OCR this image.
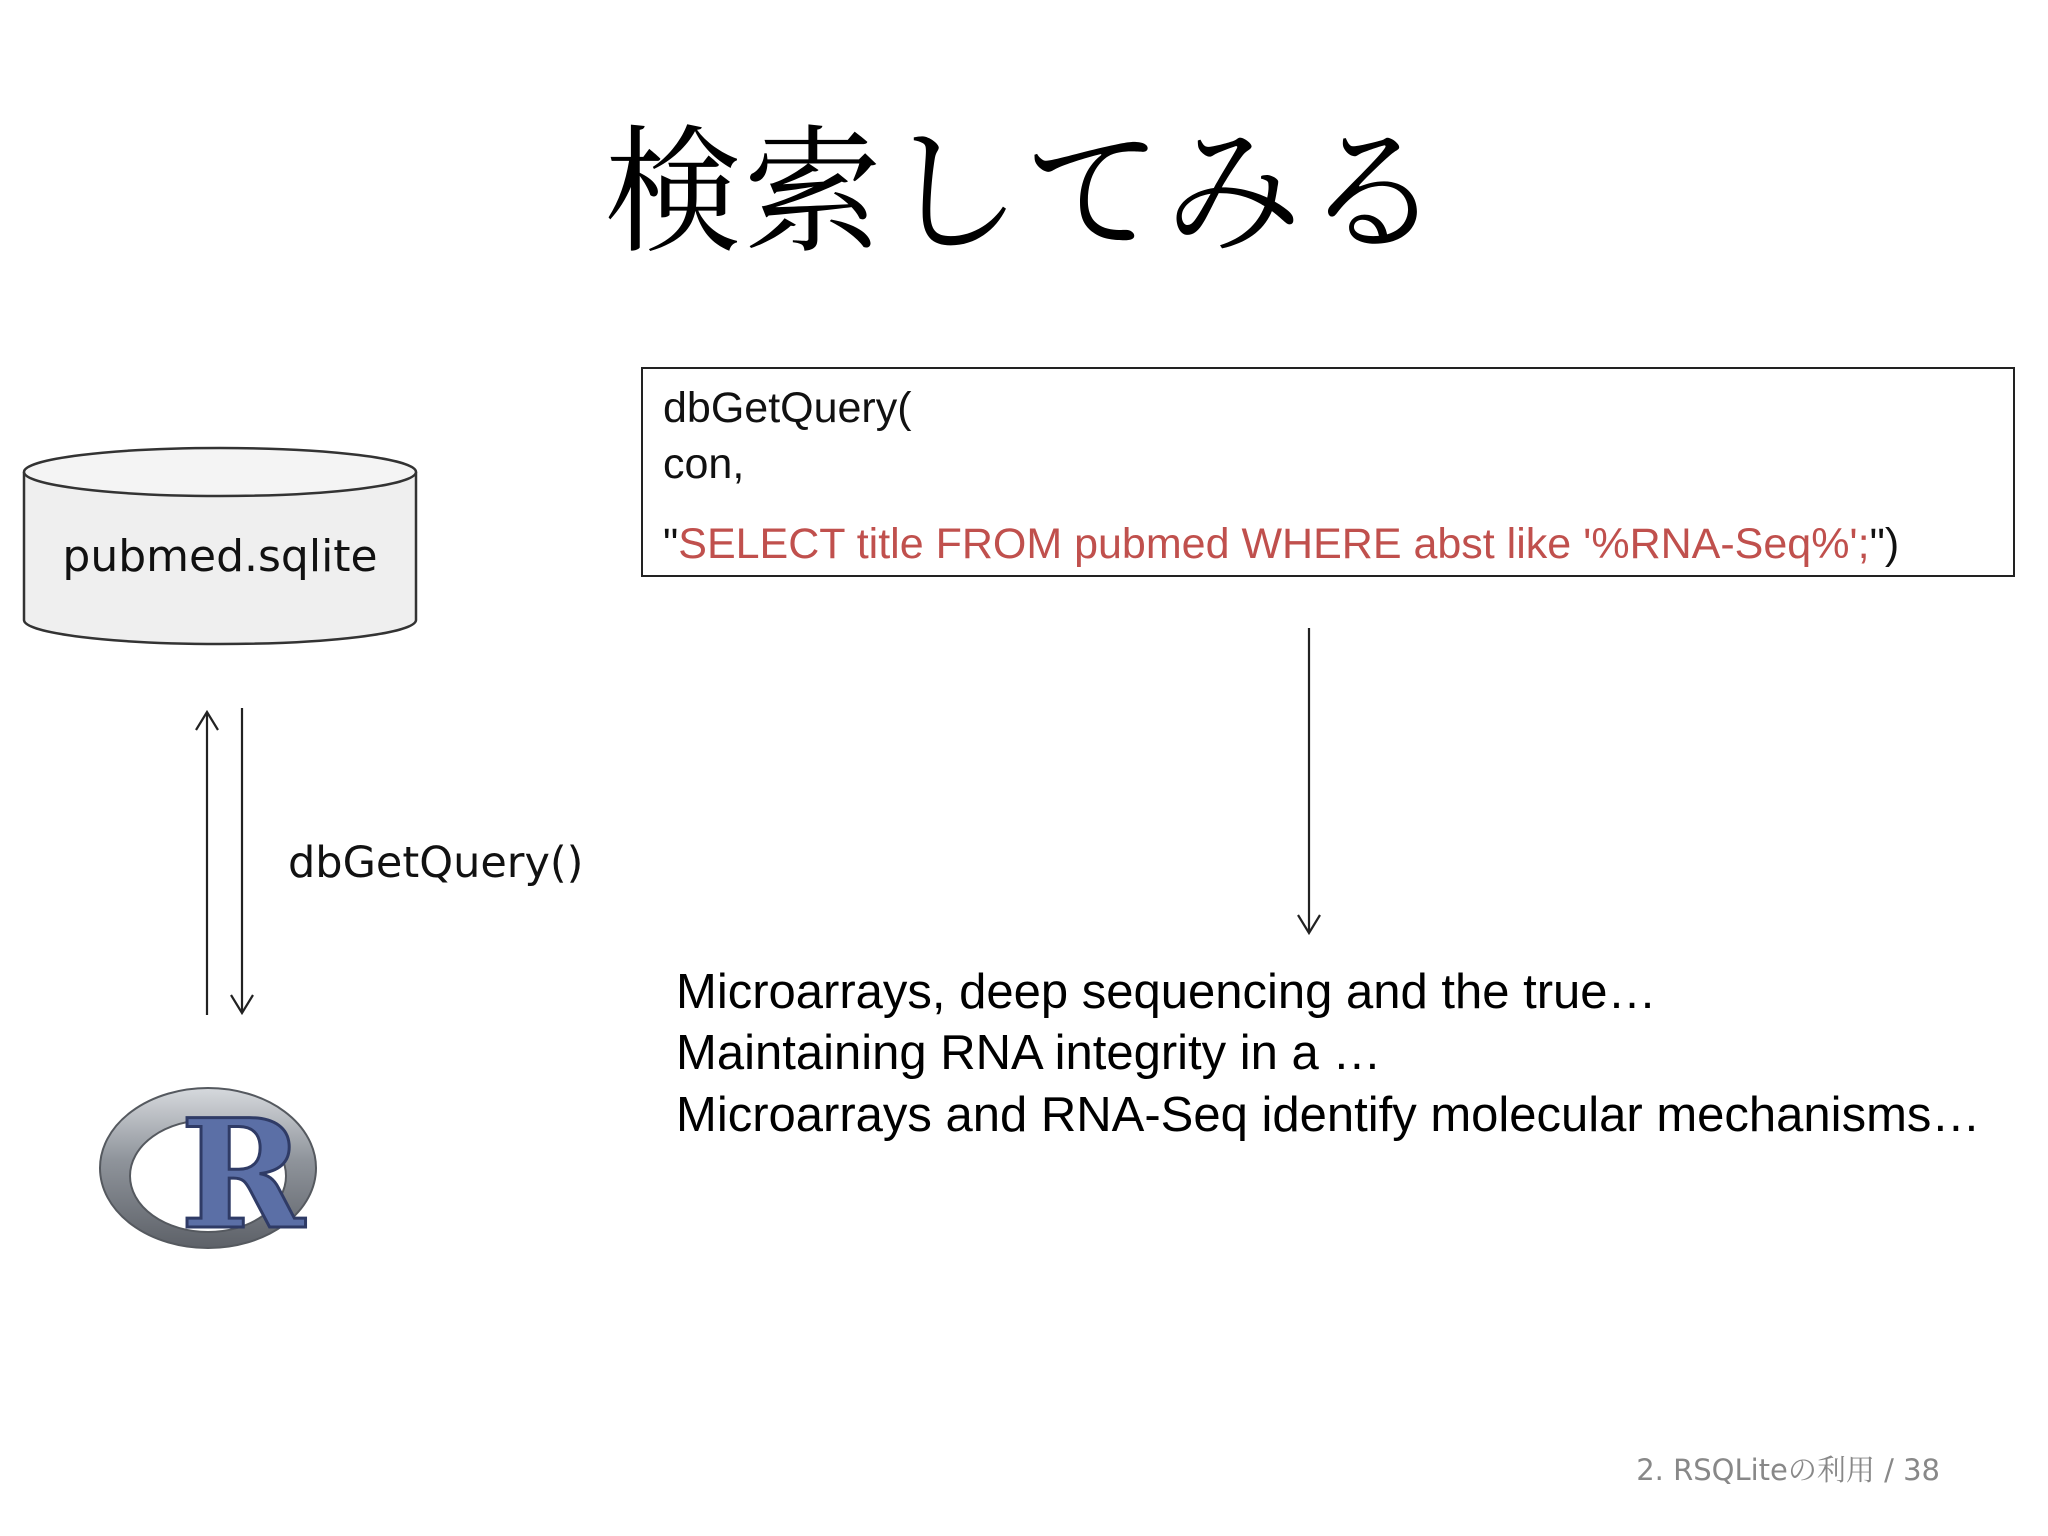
検索してみる
R
pubmed.sqlite
dbGetQuery()
dbGetQuery(
con,
"SELECT title FROM pubmed WHERE abst like '%RNA-Seq%';")
Microarrays, deep sequencing and the true…
Maintaining RNA integrity in a …
Microarrays and RNA-Seq identify molecular mechanisms…
2. RSQLiteの利用 / 38
